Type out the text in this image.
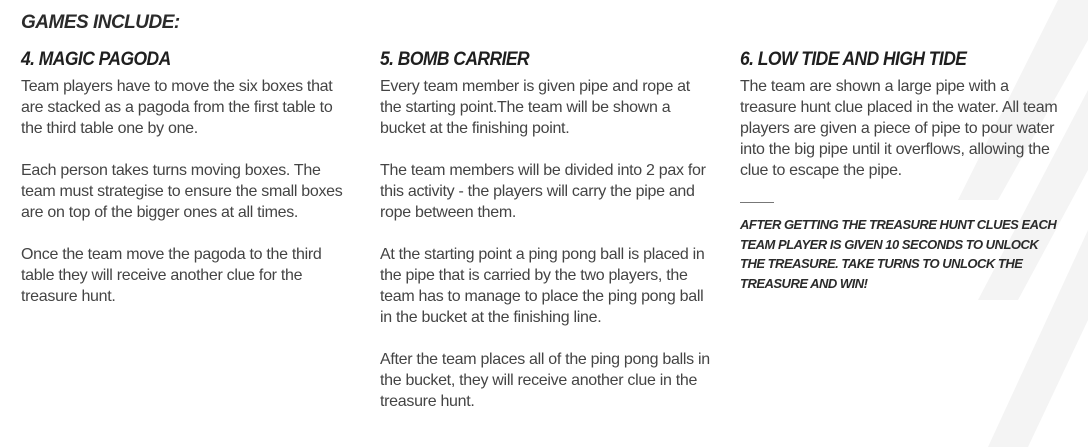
GAMES INCLUDE:
4. MAGIC PAGODA

Team players have to move the six boxes that are stacked as a pagoda from the first table to the third table one by one.

Each person takes turns moving boxes. The team must strategise to ensure the small boxes are on top of the bigger ones at all times.

Once the team move the pagoda to the third table they will receive another clue for the treasure hunt.

5. BOMB CARRIER

Every team member is given pipe and rope at the starting point.The team will be shown a bucket at the finishing point.

The team members will be divided into 2 pax for this activity - the players will carry the pipe and rope between them.

At the starting point a ping pong ball is placed in the pipe that is carried by the two players, the team has to manage to place the ping pong ball in the bucket at the finishing line.

After the team places all of the ping pong balls in the bucket, they will receive another clue in the treasure hunt.

6. LOW TIDE AND HIGH TIDE

The team are shown a large pipe with a treasure hunt clue placed in the water. All team players are given a piece of pipe to pour water into the big pipe until it overflows, allowing the clue to escape the pipe.

AFTER GETTING THE TREASURE HUNT CLUES EACH TEAM PLAYER IS GIVEN 10 SECONDS TO UNLOCK THE TREASURE. TAKE TURNS TO UNLOCK THE TREASURE AND WIN!
